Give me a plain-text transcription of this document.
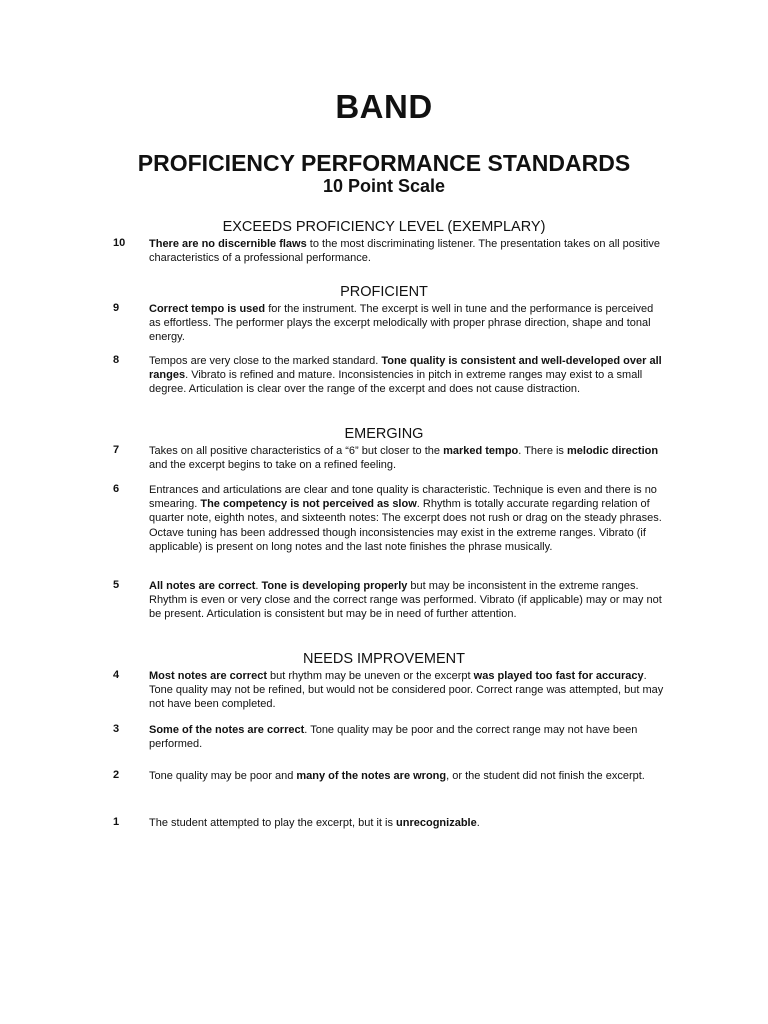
BAND
PROFICIENCY PERFORMANCE STANDARDS
10 Point Scale
EXCEEDS PROFICIENCY LEVEL (EXEMPLARY)
10 There are no discernible flaws to the most discriminating listener. The presentation takes on all positive characteristics of a professional performance.
PROFICIENT
9	Correct tempo is used for the instrument. The excerpt is well in tune and the performance is perceived as effortless. The performer plays the excerpt melodically with proper phrase direction, shape and tonal energy.
8	Tempos are very close to the marked standard. Tone quality is consistent and well-developed over all ranges. Vibrato is refined and mature. Inconsistencies in pitch in extreme ranges may exist to a small degree. Articulation is clear over the range of the excerpt and does not cause distraction.
EMERGING
7	Takes on all positive characteristics of a “6” but closer to the marked tempo. There is melodic direction and the excerpt begins to take on a refined feeling.
6	Entrances and articulations are clear and tone quality is characteristic. Technique is even and there is no smearing. The competency is not perceived as slow. Rhythm is totally accurate regarding relation of quarter note, eighth notes, and sixteenth notes: The excerpt does not rush or drag on the steady phrases. Octave tuning has been addressed though inconsistencies may exist in the extreme ranges. Vibrato (if applicable) is present on long notes and the last note finishes the phrase musically.
5	All notes are correct. Tone is developing properly but may be inconsistent in the extreme ranges. Rhythm is even or very close and the correct range was performed. Vibrato (if applicable) may or may not be present. Articulation is consistent but may be in need of further attention.
NEEDS IMPROVEMENT
4	Most notes are correct but rhythm may be uneven or the excerpt was played too fast for accuracy. Tone quality may not be refined, but would not be considered poor. Correct range was attempted, but may not have been completed.
3	Some of the notes are correct. Tone quality may be poor and the correct range may not have been performed.
2	Tone quality may be poor and many of the notes are wrong, or the student did not finish the excerpt.
1	The student attempted to play the excerpt, but it is unrecognizable.
